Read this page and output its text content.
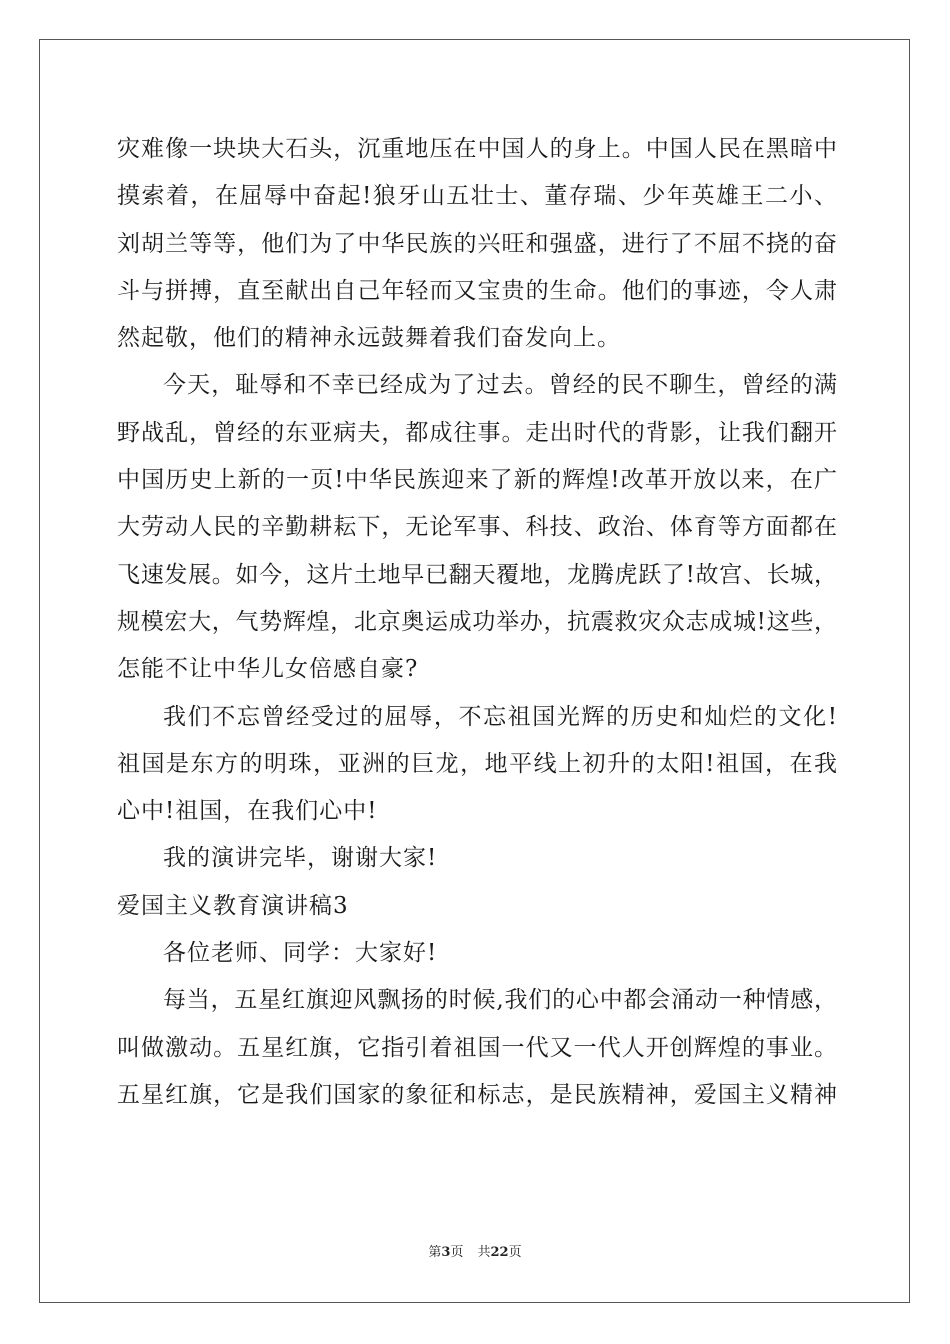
灾难像一块块大石头，沉重地压在中国人的身上。中国人民在黑暗中
摸索着，在屈辱中奋起!狼牙山五壮士、董存瑞、少年英雄王二小、
刘胡兰等等，他们为了中华民族的兴旺和强盛，进行了不屈不挠的奋
斗与拼搏，直至献出自己年轻而又宝贵的生命。他们的事迹，令人肃
然起敬，他们的精神永远鼓舞着我们奋发向上。
今天，耻辱和不幸已经成为了过去。曾经的民不聊生，曾经的满
野战乱，曾经的东亚病夫，都成往事。走出时代的背影，让我们翻开
中国历史上新的一页!中华民族迎来了新的辉煌!改革开放以来，在广
大劳动人民的辛勤耕耘下，无论军事、科技、政治、体育等方面都在
飞速发展。如今，这片土地早已翻天覆地，龙腾虎跃了!故宫、长城，
规模宏大，气势辉煌，北京奥运成功举办，抗震救灾众志成城!这些，
怎能不让中华儿女倍感自豪?
我们不忘曾经受过的屈辱，不忘祖国光辉的历史和灿烂的文化!
祖国是东方的明珠，亚洲的巨龙，地平线上初升的太阳!祖国，在我
心中!祖国，在我们心中!
我的演讲完毕，谢谢大家!
爱国主义教育演讲稿3
各位老师、同学：大家好!
每当，五星红旗迎风飘扬的时候,我们的心中都会涌动一种情感，
叫做激动。五星红旗，它指引着祖国一代又一代人开创辉煌的事业。
五星红旗，它是我们国家的象征和标志，是民族精神，爱国主义精神
第3页 共22页
